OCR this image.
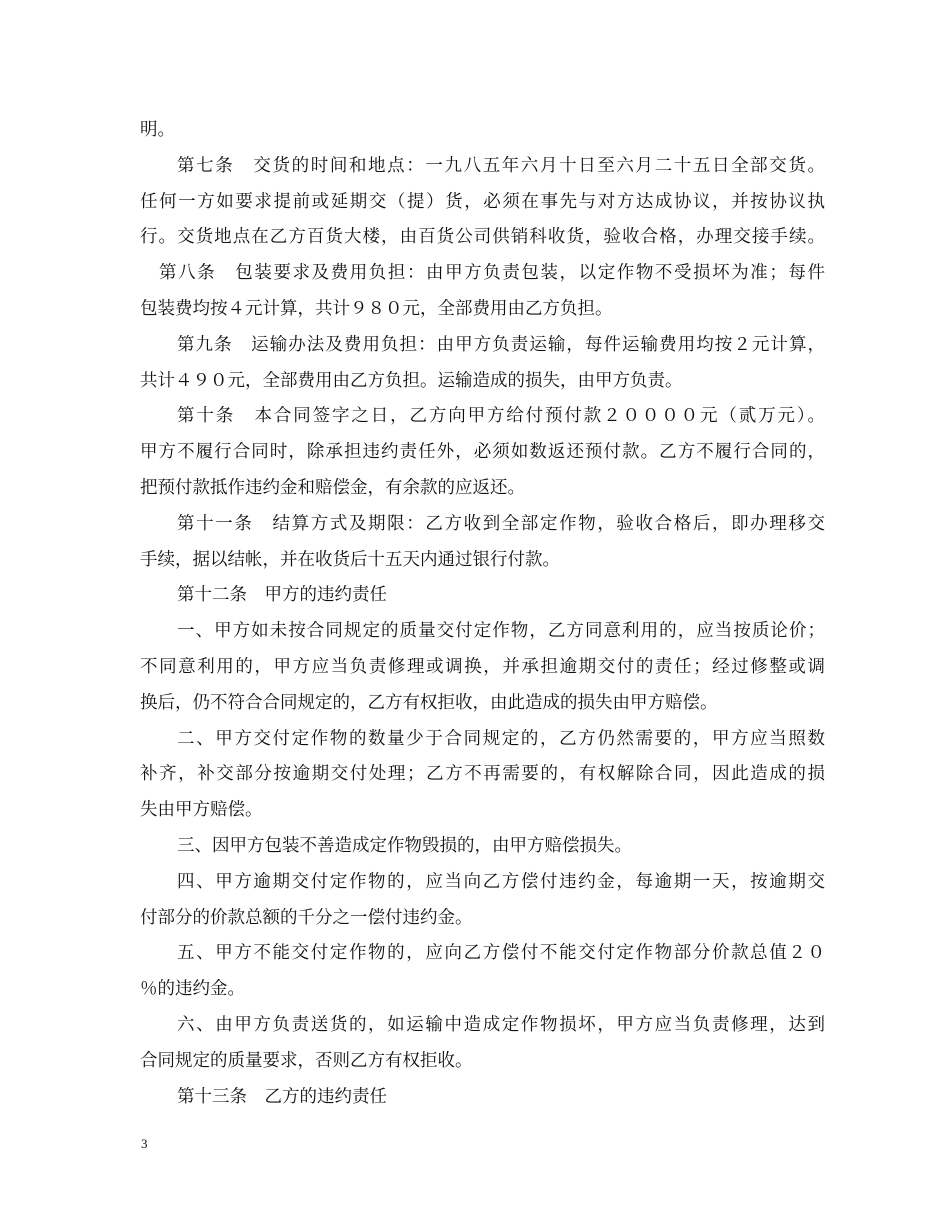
明。
第七条　交货的时间和地点：一九八五年六月十日至六月二十五日全部交货。
任何一方如要求提前或延期交（提）货，必须在事先与对方达成协议，并按协议执
行。交货地点在乙方百货大楼，由百货公司供销科收货，验收合格，办理交接手续。
第八条　包装要求及费用负担：由甲方负责包装，以定作物不受损坏为准；每件
包装费均按４元计算，共计９８０元，全部费用由乙方负担。
第九条　运输办法及费用负担：由甲方负责运输，每件运输费用均按２元计算，
共计４９０元，全部费用由乙方负担。运输造成的损失，由甲方负责。
第十条　本合同签字之日，乙方向甲方给付预付款２００００元（贰万元）。
甲方不履行合同时，除承担违约责任外，必须如数返还预付款。乙方不履行合同的，
把预付款抵作违约金和赔偿金，有余款的应返还。
第十一条　结算方式及期限：乙方收到全部定作物，验收合格后，即办理移交
手续，据以结帐，并在收货后十五天内通过银行付款。
第十二条　甲方的违约责任
一、甲方如未按合同规定的质量交付定作物，乙方同意利用的，应当按质论价；
不同意利用的，甲方应当负责修理或调换，并承担逾期交付的责任；经过修整或调
换后，仍不符合合同规定的，乙方有权拒收，由此造成的损失由甲方赔偿。
二、甲方交付定作物的数量少于合同规定的，乙方仍然需要的，甲方应当照数
补齐，补交部分按逾期交付处理；乙方不再需要的，有权解除合同，因此造成的损
失由甲方赔偿。
三、因甲方包装不善造成定作物毁损的，由甲方赔偿损失。
四、甲方逾期交付定作物的，应当向乙方偿付违约金，每逾期一天，按逾期交
付部分的价款总额的千分之一偿付违约金。
五、甲方不能交付定作物的，应向乙方偿付不能交付定作物部分价款总值２０
％的违约金。
六、由甲方负责送货的，如运输中造成定作物损坏，甲方应当负责修理，达到
合同规定的质量要求，否则乙方有权拒收。
第十三条　乙方的违约责任
3
